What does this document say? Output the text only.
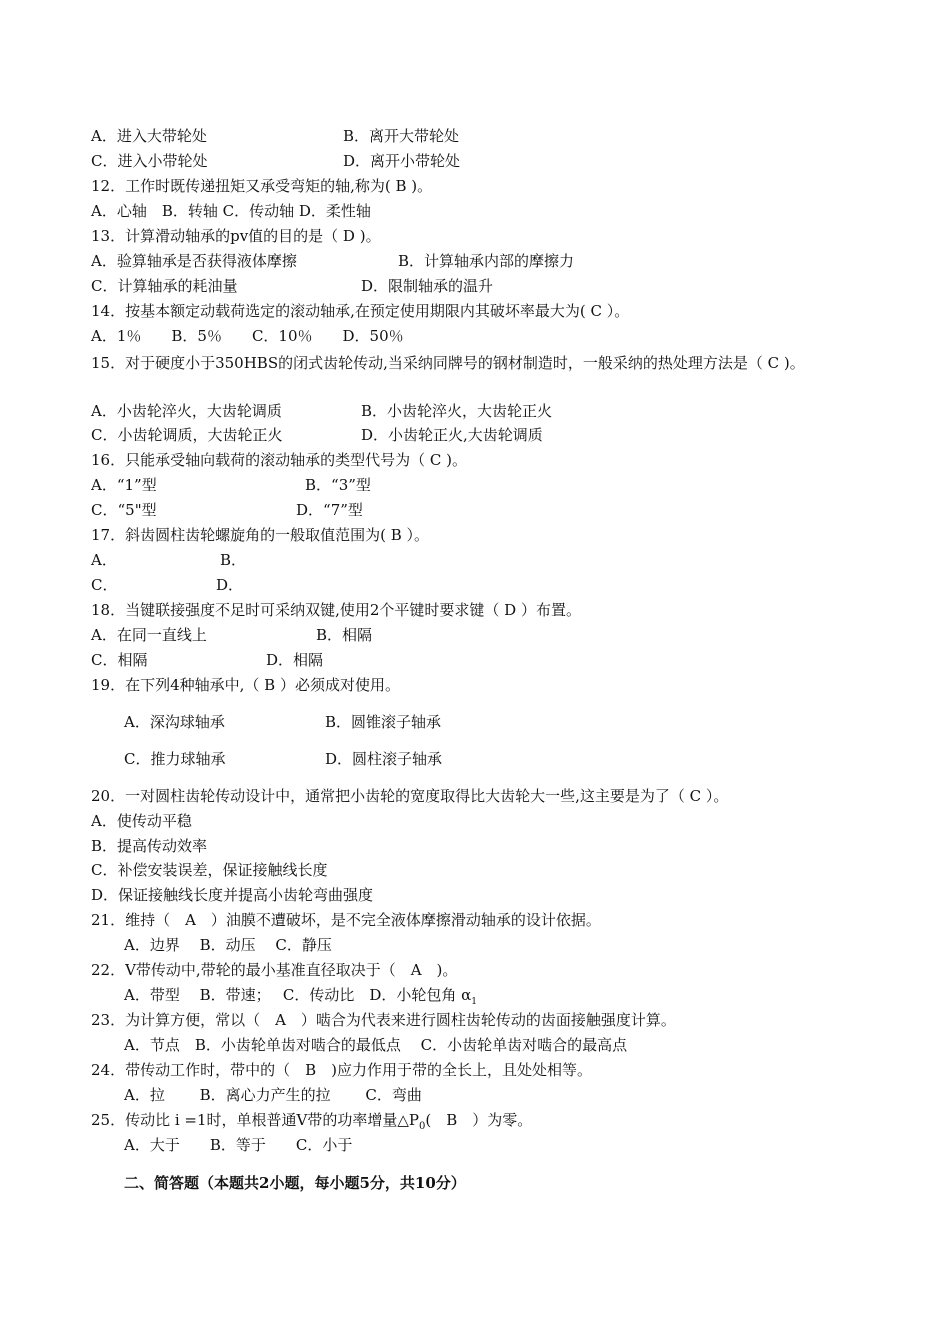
A．进入大带轮处	B．离开大带轮处
C．进入小带轮处	D．离开小带轮处
12．工作时既传递扭矩又承受弯矩的轴,称为( B )。
A．心轴　B．转轴 C．传动轴 D．柔性轴
13．计算滑动轴承的pv值的目的是（ D )。
A．验算轴承是否获得液体摩擦	B．计算轴承内部的摩擦力
C．计算轴承的耗油量	D．限制轴承的温升
14．按基本额定动载荷选定的滚动轴承,在预定使用期限内其破坏率最大为( C ）。
A．1％　　B．5％　　C．10％　　D．50％
15．对于硬度小于350HBS的闭式齿轮传动,当采纳同牌号的钢材制造时，一般采纳的热处理方法是（ C )。
A．小齿轮淬火，大齿轮调质	B．小齿轮淬火，大齿轮正火
C．小齿轮调质，大齿轮正火	D．小齿轮正火,大齿轮调质
16．只能承受轴向载荷的滚动轴承的类型代号为（ C )。
A．“1”型	B．“3”型
C．“5"型	D．“7”型
17．斜齿圆柱齿轮螺旋角的一般取值范围为( B ）。
A．	B．
C．	D．
18．当键联接强度不足时可采纳双键,使用2个平键时要求键（ D ）布置。
A．在同一直线上	B．相隔
C．相隔	D．相隔
19．在下列4种轴承中,（ B ）必须成对使用。
A．深沟球轴承	B．圆锥滚子轴承
C．推力球轴承	D．圆柱滚子轴承
20．一对圆柱齿轮传动设计中，通常把小齿轮的宽度取得比大齿轮大一些,这主要是为了（ C ）。
A．使传动平稳
B．提高传动效率
C．补偿安装误差，保证接触线长度
D．保证接触线长度并提高小齿轮弯曲强度
21．维持（　A　）油膜不遭破坏，是不完全液体摩擦滑动轴承的设计依据。
A．边界　 B．动压　 C．静压
22．V带传动中,带轮的最小基准直径取决于（　A　)。
A．带型　 B．带速；　 C．传动比　D．小轮包角 $\alpha_1$
23．为计算方便，常以（　A　）啮合为代表来进行圆柱齿轮传动的齿面接触强度计算。
A．节点　B．小齿轮单齿对啮合的最低点　 C．小齿轮单齿对啮合的最高点
24．带传动工作时，带中的（　B　)应力作用于带的全长上，且处处相等。
A．拉　　 B．离心力产生的拉　　 C．弯曲
25．传动比 i =1时，单根普通V带的功率增量$\triangle P_0$(　B　）为零。
A．大于　　B．等于　　C．小于
二、简答题（本题共2小题，每小题5分，共10分）
